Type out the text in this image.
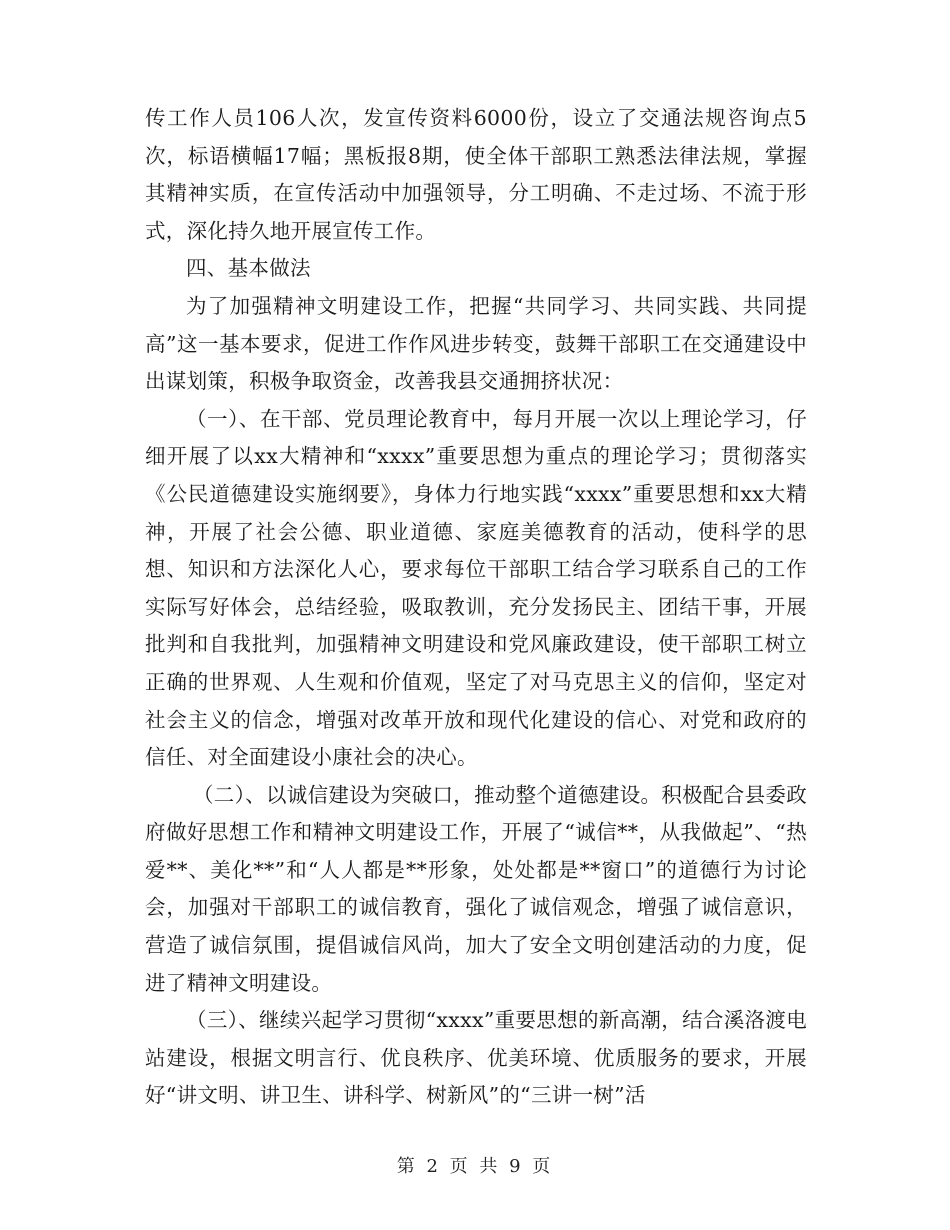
传工作人员106人次，发宣传资料6000份，设立了交通法规咨询点5次，标语横幅17幅；黑板报8期，使全体干部职工熟悉法律法规，掌握其精神实质，在宣传活动中加强领导，分工明确、不走过场、不流于形式，深化持久地开展宣传工作。

四、基本做法

为了加强精神文明建设工作，把握“共同学习、共同实践、共同提高”这一基本要求，促进工作作风进步转变，鼓舞干部职工在交通建设中出谋划策，积极争取资金，改善我县交通拥挤状况：

（一）、在干部、党员理论教育中，每月开展一次以上理论学习，仔细开展了以xx大精神和“xxxx”重要思想为重点的理论学习；贯彻落实《公民道德建设实施纲要》，身体力行地实践“xxxx”重要思想和xx大精神，开展了社会公德、职业道德、家庭美德教育的活动，使科学的思想、知识和方法深化人心，要求每位干部职工结合学习联系自己的工作实际写好体会，总结经验，吸取教训，充分发扬民主、团结干事，开展批判和自我批判，加强精神文明建设和党风廉政建设，使干部职工树立正确的世界观、人生观和价值观，坚定了对马克思主义的信仰，坚定对社会主义的信念，增强对改革开放和现代化建设的信心、对党和政府的信任、对全面建设小康社会的决心。

（二）、以诚信建设为突破口，推动整个道德建设。积极配合县委政府做好思想工作和精神文明建设工作，开展了“诚信**，从我做起”、“热爱**、美化**”和“人人都是**形象，处处都是**窗口”的道德行为讨论会，加强对干部职工的诚信教育，强化了诚信观念，增强了诚信意识，营造了诚信氛围，提倡诚信风尚，加大了安全文明创建活动的力度，促进了精神文明建设。

（三）、继续兴起学习贯彻“xxxx”重要思想的新高潮，结合溪洛渡电站建设，根据文明言行、优良秩序、优美环境、优质服务的要求，开展好“讲文明、讲卫生、讲科学、树新风”的“三讲一树”活

第 2 页 共 9 页
